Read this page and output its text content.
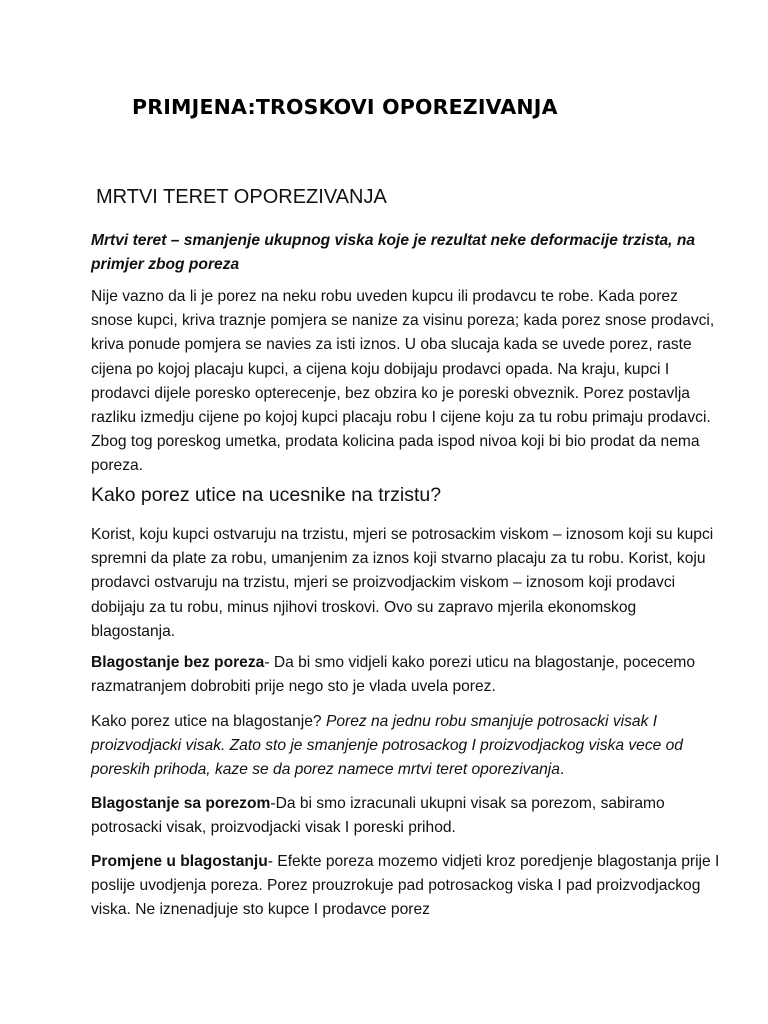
PRIMJENA:TROSKOVI OPOREZIVANJA
MRTVI TERET OPOREZIVANJA

Mrtvi teret – smanjenje ukupnog viska koje je rezultat neke deformacije trzista, na primjer zbog poreza

Nije vazno da li je porez na neku robu uveden kupcu ili prodavcu te robe. Kada porez snose kupci, kriva traznje pomjera se nanize za visinu poreza; kada porez snose prodavci, kriva ponude pomjera se navies za isti iznos. U oba slucaja kada se uvede porez, raste cijena po kojoj placaju kupci, a cijena koju dobijaju prodavci opada. Na kraju, kupci I prodavci dijele poresko opterecenje, bez obzira ko je poreski obveznik. Porez postavlja razliku izmedju cijene po kojoj kupci placaju robu I cijene koju za tu robu primaju prodavci. Zbog tog poreskog umetka, prodata kolicina pada ispod nivoa koji bi bio prodat da nema poreza.

Kako porez utice na ucesnike na trzistu?

Korist, koju kupci ostvaruju na trzistu, mjeri se potrosackim viskom – iznosom koji su kupci spremni da plate za robu, umanjenim za iznos koji stvarno placaju za tu robu. Korist, koju prodavci ostvaruju na trzistu, mjeri se proizvodjackim viskom – iznosom koji prodavci dobijaju za tu robu, minus njihovi troskovi. Ovo su zapravo mjerila ekonomskog blagostanja.

Blagostanje bez poreza- Da bi smo vidjeli kako porezi uticu na blagostanje, pocecemo razmatranjem dobrobiti prije nego sto je vlada uvela porez.

Kako porez utice na blagostanje? Porez na jednu robu smanjuje potrosacki visak I proizvodjacki visak. Zato sto je smanjenje potrosackog I proizvodjackog viska vece od poreskih prihoda, kaze se da porez namece mrtvi teret oporezivanja.

Blagostanje sa porezom-Da bi smo izracunali ukupni visak sa porezom, sabiramo potrosacki visak, proizvodjacki visak I poreski prihod.

Promjene u blagostanju- Efekte poreza mozemo vidjeti kroz poredjenje blagostanja prije I poslije uvodjenja poreza. Porez prouzrokuje pad potrosackog viska I pad proizvodjackog viska. Ne iznenadjuje sto kupce I prodavce porez
